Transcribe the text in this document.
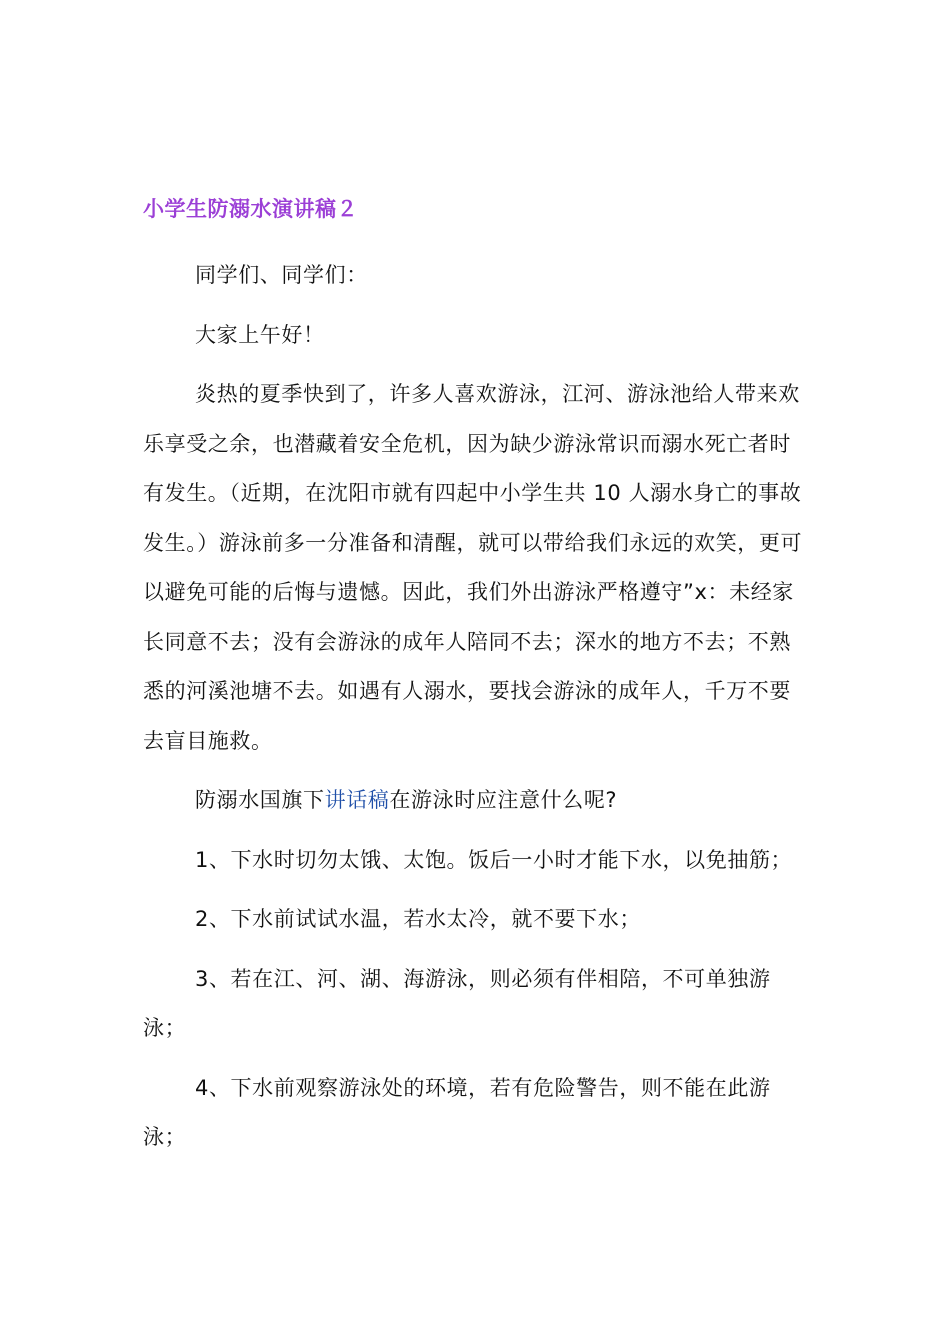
小学生防溺水演讲稿２

同学们、同学们：

大家上午好！

炎热的夏季快到了，许多人喜欢游泳，江河、游泳池给人带来欢乐享受之余，也潜藏着安全危机，因为缺少游泳常识而溺水死亡者时有发生。（近期，在沈阳市就有四起中小学生共 10 人溺水身亡的事故发生。）游泳前多一分准备和清醒，就可以带给我们永远的欢笑，更可以避免可能的后悔与遗憾。因此，我们外出游泳严格遵守”x：未经家长同意不去；没有会游泳的成年人陪同不去；深水的地方不去；不熟悉的河溪池塘不去。如遇有人溺水，要找会游泳的成年人，千万不要去盲目施救。

防溺水国旗下讲话稿在游泳时应注意什么呢?

1、下水时切勿太饿、太饱。饭后一小时才能下水，以免抽筋；

2、下水前试试水温，若水太冷，就不要下水；

3、若在江、河、湖、海游泳，则必须有伴相陪，不可单独游泳；

4、下水前观察游泳处的环境，若有危险警告，则不能在此游泳；
